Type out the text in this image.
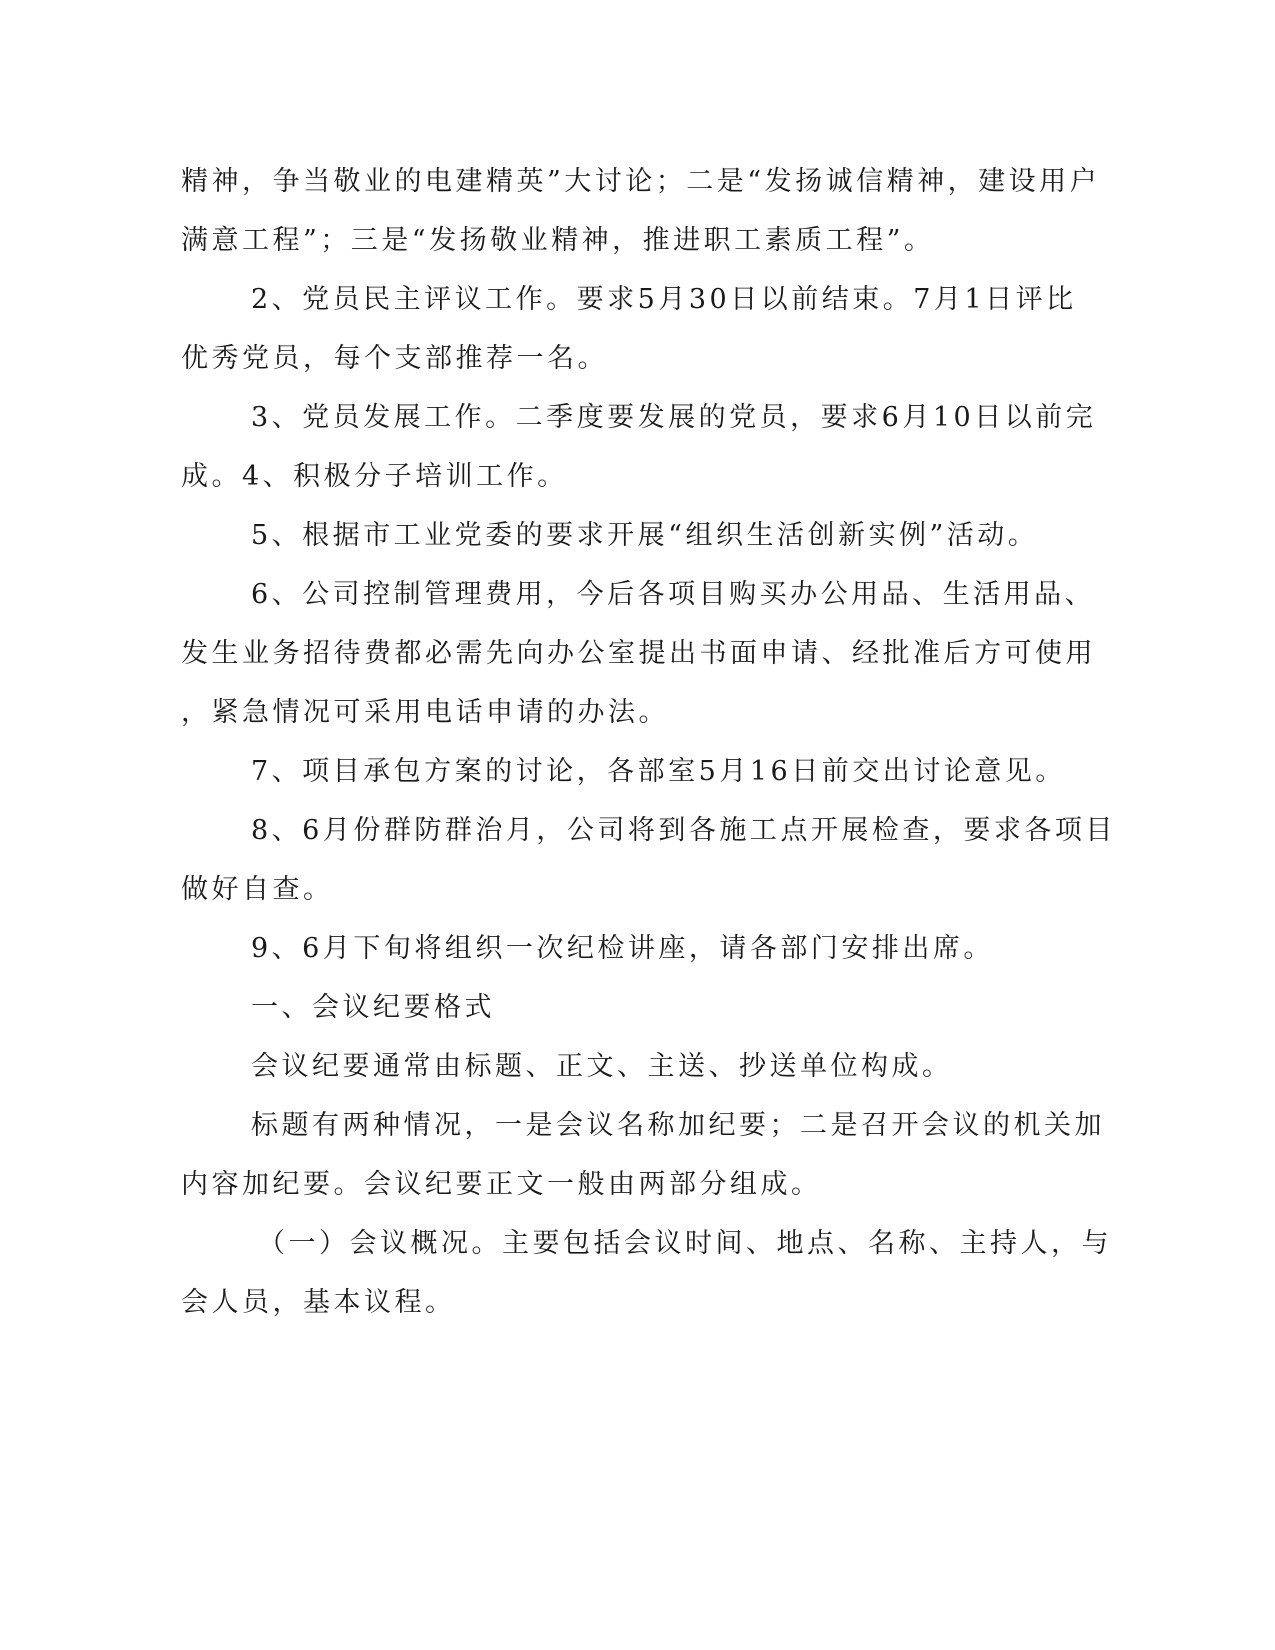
精神，争当敬业的电建精英”大讨论；二是“发扬诚信精神，建设用户
满意工程”；三是“发扬敬业精神，推进职工素质工程”。
2、党员民主评议工作。要求5月30日以前结束。7月1日评比
优秀党员，每个支部推荐一名。
3、党员发展工作。二季度要发展的党员，要求6月10日以前完
成。4、积极分子培训工作。
5、根据市工业党委的要求开展“组织生活创新实例”活动。
6、公司控制管理费用，今后各项目购买办公用品、生活用品、
发生业务招待费都必需先向办公室提出书面申请、经批准后方可使用
，紧急情况可采用电话申请的办法。
7、项目承包方案的讨论，各部室5月16日前交出讨论意见。
8、6月份群防群治月，公司将到各施工点开展检查，要求各项目
做好自查。
9、6月下旬将组织一次纪检讲座，请各部门安排出席。
一、会议纪要格式
会议纪要通常由标题、正文、主送、抄送单位构成。
标题有两种情况，一是会议名称加纪要；二是召开会议的机关加
内容加纪要。会议纪要正文一般由两部分组成。
（一）会议概况。主要包括会议时间、地点、名称、主持人，与
会人员，基本议程。
